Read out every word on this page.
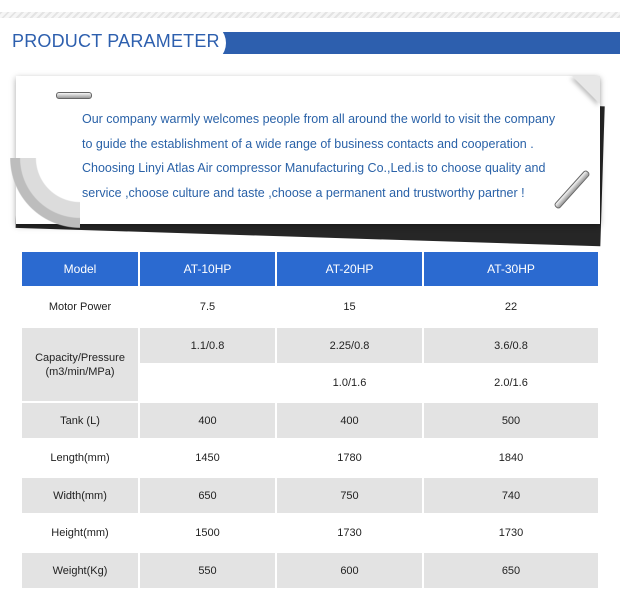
PRODUCT PARAMETER
Our company warmly welcomes people from all around the world to visit the company
to guide the establishment of a wide range of business contacts and cooperation .
Choosing Linyi Atlas Air compressor Manufacturing Co.,Led.is to choose quality and
service ,choose culture and taste ,choose a permanent and trustworthy partner !
Model	AT-10HP	AT-20HP	AT-30HP
Motor Power	7.5	15	22
Capacity/Pressure
(m3/min/MPa)	1.1/0.8	2.25/0.8	3.6/0.8
		1.0/1.6	2.0/1.6
Tank (L)	400	400	500
Length(mm)	1450	1780	1840
Width(mm)	650	750	740
Height(mm)	1500	1730	1730
Weight(Kg)	550	600	650
